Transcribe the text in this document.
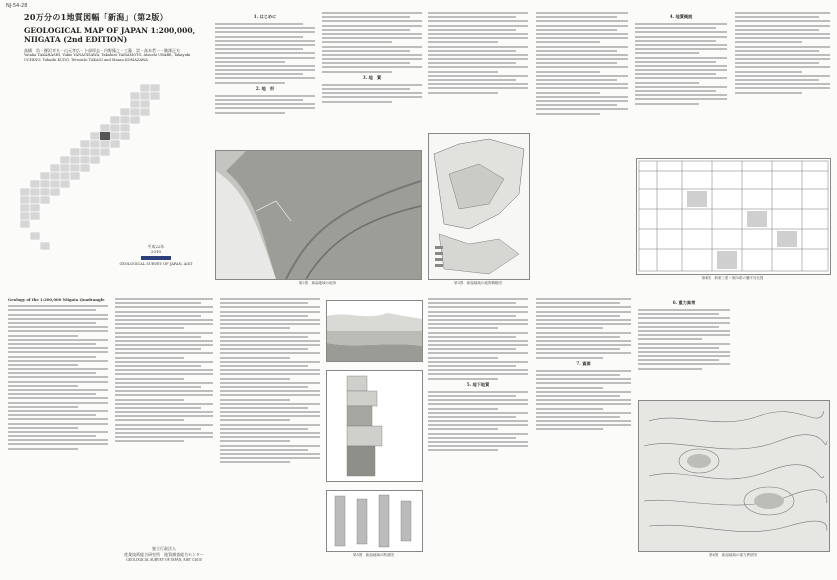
NJ-54-28
20万分の1地質図幅「新潟」（第2版）
GEOLOGICAL MAP OF JAPAN 1:200,000,
NIIGATA (2nd EDITION)
高橋　浩・柳沢幸夫・山元孝広・卜部厚志・内野隆之・工藤　崇・高木哲一・駒澤正夫
Yutaka TAKAHASHI, Yukio YANAGISAWA, Takahiro YAMAMOTO, Atsushi URABE, Takayuki UCHINO, Takashi KUDO, Tetsuichi TAKAGI and Masao KOMAZAWA
平成22年
2010
GEOLOGICAL SURVEY OF JAPAN, AIST
1. はじめに
2. 地　形
3. 地　質
第2図　新潟地域の地形	第3図　新潟地域の地質概略図
4. 地質概説
第4図　新第三系～第四系の層序対比図
Geology of the 1:200,000 Niigata Quadrangle
独立行政法人
産業技術総合研究所　地質調査総合センター
GEOLOGICAL SURVEY OF JAPAN, AIST ©2010
第5図　新潟地域の断面図
5. 地下地質
7. 資源
6. 重力異常
第6図　新潟地域の重力異常図
